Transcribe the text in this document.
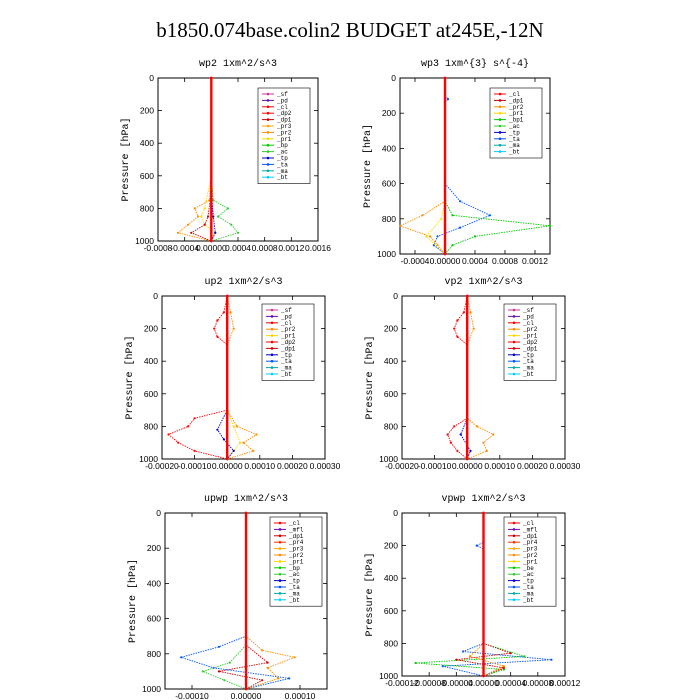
b1850.074base.colin2 BUDGET at245E,-12N
wp2 1xm^2/s^3
0
200
400
600
800
1000
-0.0008
-0.0004
0.00000
0.0004 0.0008 0.0012 0.0016
Pressure [hPa]
_sf
_pd
_cl
_dp2
_dp1
_pr3
_pr2
_pr1
_bp
_ac
_tp
_ta
_ma
_bt
wp3 1xm^{3} s^{-4}
0
200
400
600
800
1000
-0.0004 0.00000 0.0004 0.0008 0.0012
Pressure [hPa]
_cl
_dp1
_pr2
_pr1
_bp1
_ac
_tp
_ta
_ma
_bt
up2 1xm^2/s^3
0
200
400
600
800
1000
-0.00020 -0.00010 0.00000 0.00010 0.00020 0.00030
Pressure [hPa]
_sf
_pd
_cl
_pr2
_pr1
_dp2
_dp1
_tp
_ta
_ma
_bt
vp2 1xm^2/s^3
0
200
400
600
800
1000
-0.00020 -0.00010 0.00000 0.00010 0.00020 0.00030
Pressure [hPa]
_sf
_pd
_cl
_pr2
_pr1
_dp2
_dp1
_tp
_ta
_ma
_bt
upwp 1xm^2/s^3
0
200
400
600
800
1000
-0.00010	0.00000	0.00010
Pressure [hPa]
_cl
_mfl
_dp1
_pr4
_pr3
_pr2
_pr1
_bp
_ac
_tp
_ta
_ma
_bt
vpwp 1xm^2/s^3
0
200
400
600
800
1000
-0.00012
-0.00008
-0.00004
0.00000
0.00004
0.00008
0.00012
Pressure [hPa]
_cl
_mfl
_dp1
_pr4
_pr3
_pr2
_pr1
_be
_ac
_tp
_ta
_ma
_bt
